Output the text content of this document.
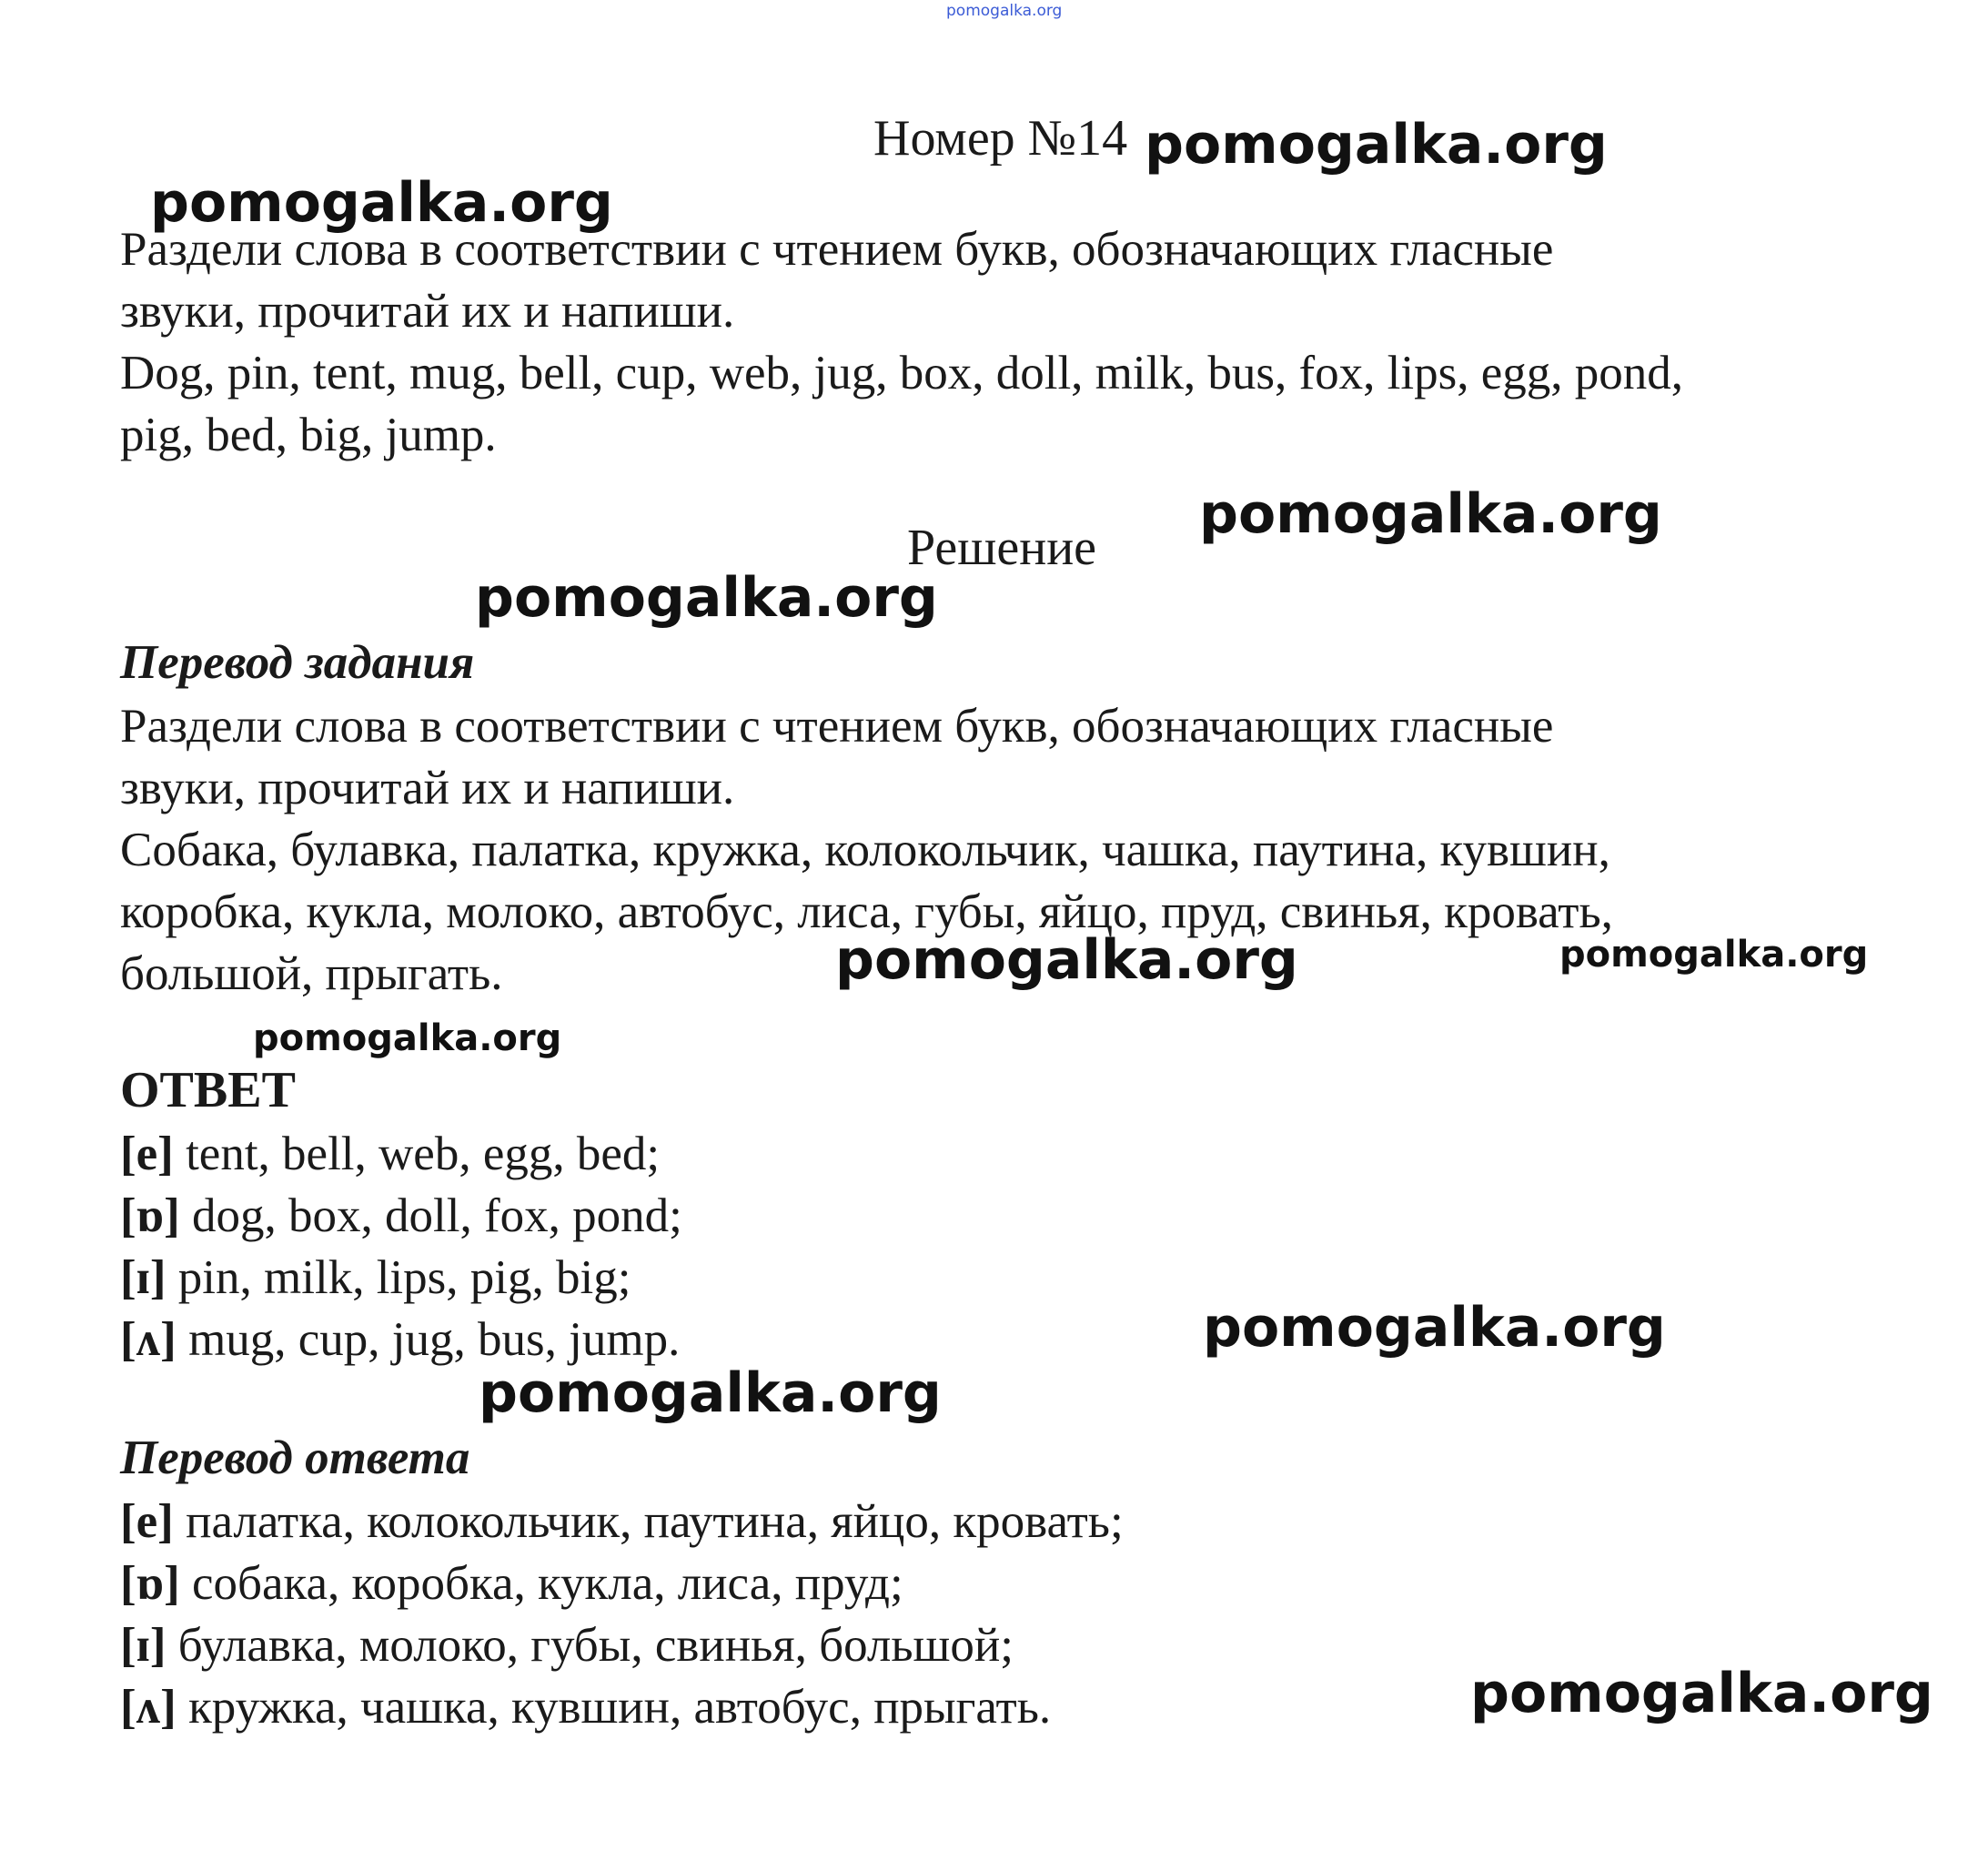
pomogalka.org
Номер №14 pomogalka.org
pomogalka.org
Раздели слова в соответствии с чтением букв, обозначающих гласные
звуки, прочитай их и напиши.
Dog, pin, tent, mug, bell, cup, web, jug, box, doll, milk, bus, fox, lips, egg, pond,
pig, bed, big, jump.
pomogalka.org
Решение
pomogalka.org
Перевод задания
Раздели слова в соответствии с чтением букв, обозначающих гласные
звуки, прочитай их и напиши.
Собака, булавка, палатка, кружка, колокольчик, чашка, паутина, кувшин,
коробка, кукла, молоко, автобус, лиса, губы, яйцо, пруд, свинья, кровать,
большой, прыгать.	pomogalka.org	pomogalka.org
pomogalka.org
ОТВЕТ
[e] tent, bell, web, egg, bed;
[ɒ] dog, box, doll, fox, pond;
[ɪ] pin, milk, lips, pig, big;
[ʌ] mug, cup, jug, bus, jump.	pomogalka.org
pomogalka.org
Перевод ответа
[e] палатка, колокольчик, паутина, яйцо, кровать;
[ɒ] собака, коробка, кукла, лиса, пруд;
[ɪ] булавка, молоко, губы, свинья, большой;
[ʌ] кружка, чашка, кувшин, автобус, прыгать.	pomogalka.org
